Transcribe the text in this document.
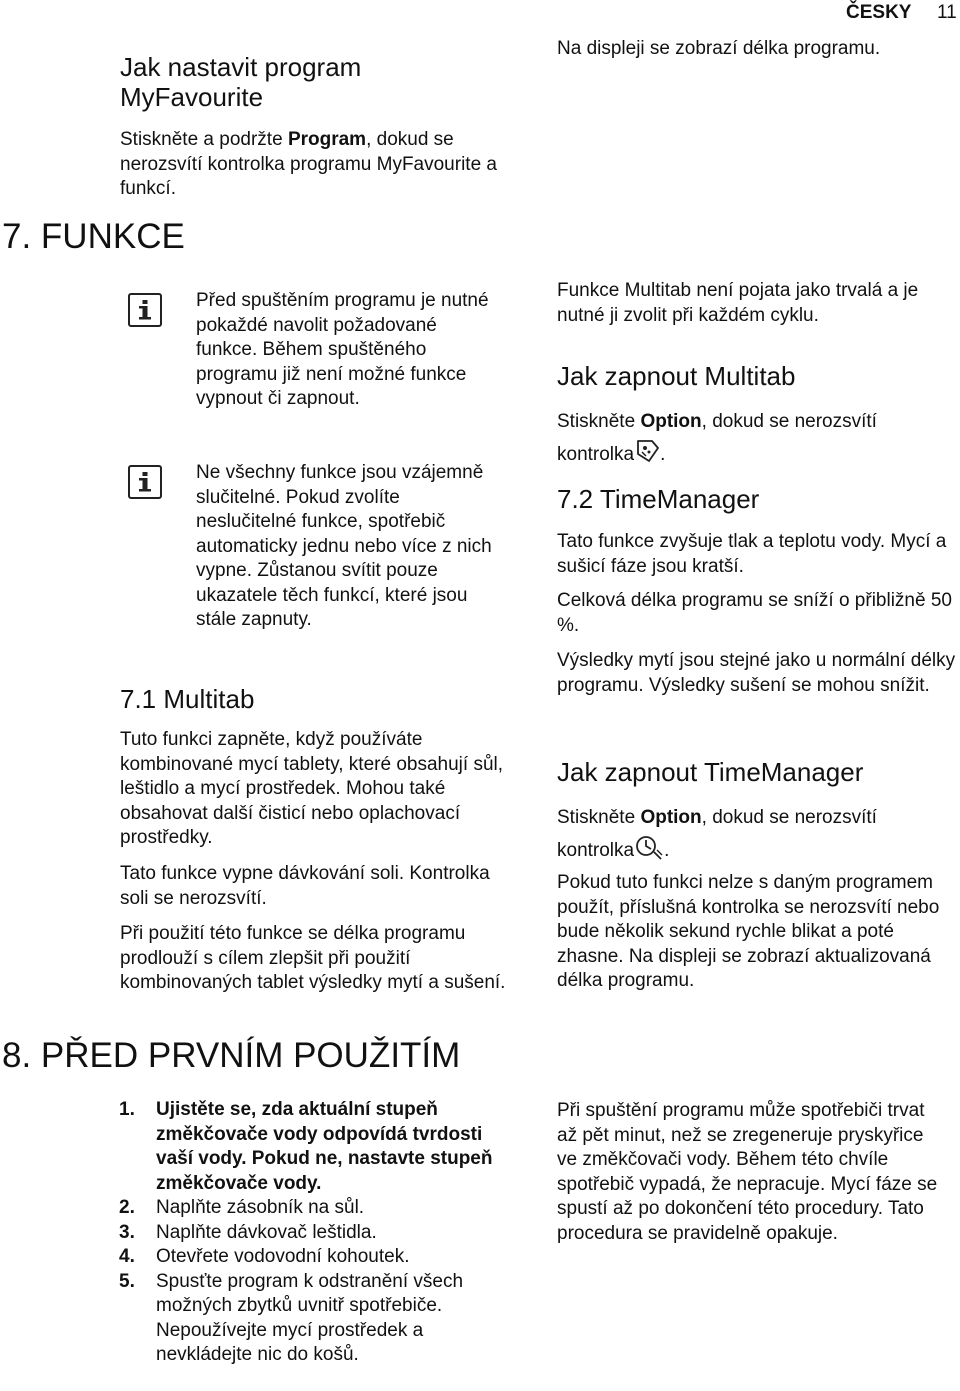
ČESKY 11
Jak nastavit program MyFavourite

Stiskněte a podržte Program, dokud se nerozsvítí kontrolka programu MyFavourite a funkcí.

7. FUNKCE

Před spuštěním programu je nutné pokaždé navolit požadované funkce. Během spuštěného programu již není možné funkce vypnout či zapnout.

Ne všechny funkce jsou vzájemně slučitelné. Pokud zvolíte neslučitelné funkce, spotřebič automaticky jednu nebo více z nich vypne. Zůstanou svítit pouze ukazatele těch funkcí, které jsou stále zapnuty.

7.1 Multitab

Tuto funkci zapněte, když používáte kombinované mycí tablety, které obsahují sůl, leštidlo a mycí prostředek. Mohou také obsahovat další čisticí nebo oplachovací prostředky.

Tato funkce vypne dávkování soli. Kontrolka soli se nerozsvítí.

Při použití této funkce se délka programu prodlouží s cílem zlepšit při použití kombinovaných tablet výsledky mytí a sušení.

8. PŘED PRVNÍM POUŽITÍM
1. Ujistěte se, zda aktuální stupeň změkčovače vody odpovídá tvrdosti vaší vody. Pokud ne, nastavte stupeň změkčovače vody.
2. Naplňte zásobník na sůl.
3. Naplňte dávkovač leštidla.
4. Otevřete vodovodní kohoutek.
5. Spusťte program k odstranění všech možných zbytků uvnitř spotřebiče. Nepoužívejte mycí prostředek a nevkládejte nic do košů.

Na displeji se zobrazí délka programu.

Funkce Multitab není pojata jako trvalá a je nutné ji zvolit při každém cyklu.

Jak zapnout Multitab

Stiskněte Option, dokud se nerozsvítí kontrolka .

7.2 TimeManager

Tato funkce zvyšuje tlak a teplotu vody. Mycí a sušicí fáze jsou kratší.

Celková délka programu se sníží o přibližně 50 %.

Výsledky mytí jsou stejné jako u normální délky programu. Výsledky sušení se mohou snížit.

Jak zapnout TimeManager

Stiskněte Option, dokud se nerozsvítí kontrolka .

Pokud tuto funkci nelze s daným programem použít, příslušná kontrolka se nerozsvítí nebo bude několik sekund rychle blikat a poté zhasne. Na displeji se zobrazí aktualizovaná délka programu.

Při spuštění programu může spotřebiči trvat až pět minut, než se zregeneruje pryskyřice ve změkčovači vody. Během této chvíle spotřebič vypadá, že nepracuje. Mycí fáze se spustí až po dokončení této procedury. Tato procedura se pravidelně opakuje.
